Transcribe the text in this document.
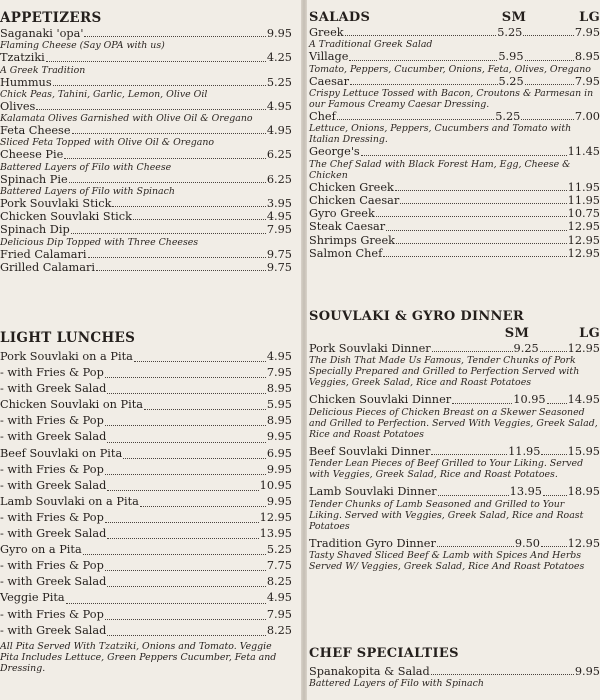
APPETIZERS
Saganaki 'opa'	9.95
Flaming Cheese (Say OPA with us)
Tzatziki	4.25
A Greek Tradition
Hummus	5.25
Chick Peas, Tahini, Garlic, Lemon, Olive Oil
Olives	4.95
Kalamata Olives Garnished with Olive Oil & Oregano
Feta Cheese	4.95
Sliced Feta Topped with Olive Oil & Oregano
Cheese Pie	6.25
Battered Layers of Filo with Cheese
Spinach Pie	6.25
Battered Layers of Filo with Spinach
Pork Souvlaki Stick	3.95
Chicken Souvlaki Stick	4.95
Spinach Dip	7.95
Delicious Dip Topped with Three Cheeses
Fried Calamari	9.75
Grilled Calamari	9.75
LIGHT LUNCHES
Pork Souvlaki on a Pita	4.95
- with Fries & Pop	7.95
- with Greek Salad	8.95
Chicken Souvlaki on Pita	5.95
- with Fries & Pop	8.95
- with Greek Salad	9.95
Beef Souvlaki on Pita	6.95
- with Fries & Pop	9.95
- with Greek Salad	10.95
Lamb Souvlaki on a Pita	9.95
- with Fries & Pop	12.95
- with Greek Salad	13.95
Gyro on a Pita	5.25
- with Fries & Pop	7.75
- with Greek Salad	8.25
Veggie Pita	4.95
- with Fries & Pop	7.95
- with Greek Salad	8.25
All Pita Served With Tzatziki, Onions and Tomato. Veggie Pita Includes Lettuce, Green Peppers Cucumber, Feta and Dressing.
SALADS	SM	LG
Greek	5.25	7.95
A Traditional Greek Salad
Village	5.95	8.95
Tomato, Peppers, Cucumber, Onions, Feta, Olives, Oregano
Caesar	5.25	7.95
Crispy Lettuce Tossed with Bacon, Croutons & Parmesan in our Famous Creamy Caesar Dressing.
Chef	5.25	7.00
Lettuce, Onions, Peppers, Cucumbers and Tomato with Italian Dressing.
George's	11.45
The Chef Salad with Black Forest Ham, Egg, Cheese & Chicken
Chicken Greek	11.95
Chicken Caesar	11.95
Gyro Greek	10.75
Steak Caesar	12.95
Shrimps Greek	12.95
Salmon Chef	12.95
SOUVLAKI & GYRO DINNER
SM	LG
Pork Souvlaki Dinner	9.25	12.95
The Dish That Made Us Famous, Tender Chunks of Pork Specially Prepared and Grilled to Perfection Served with Veggies, Greek Salad, Rice and Roast Potatoes
Chicken Souvlaki Dinner	10.95 14.95
Delicious Pieces of Chicken Breast on a Skewer Seasoned and Grilled to Perfection. Served With Veggies, Greek Salad, Rice and Roast Potatoes
Beef Souvlaki Dinner	11.95 15.95
Tender Lean Pieces of Beef Grilled to Your Liking. Served with Veggies, Greek Salad, Rice and Roast Potatoes.
Lamb Souvlaki Dinner	13.95 18.95
Tender Chunks of Lamb Seasoned and Grilled to Your Liking. Served with Veggies, Greek Salad, Rice and Roast Potatoes
Tradition Gyro Dinner	9.50 12.95
Tasty Shaved Sliced Beef & Lamb with Spices And Herbs Served W/ Veggies, Greek Salad, Rice And Roast Potatoes
CHEF SPECIALTIES
Spanakopita & Salad	9.95
Battered Layers of Filo with Spinach
